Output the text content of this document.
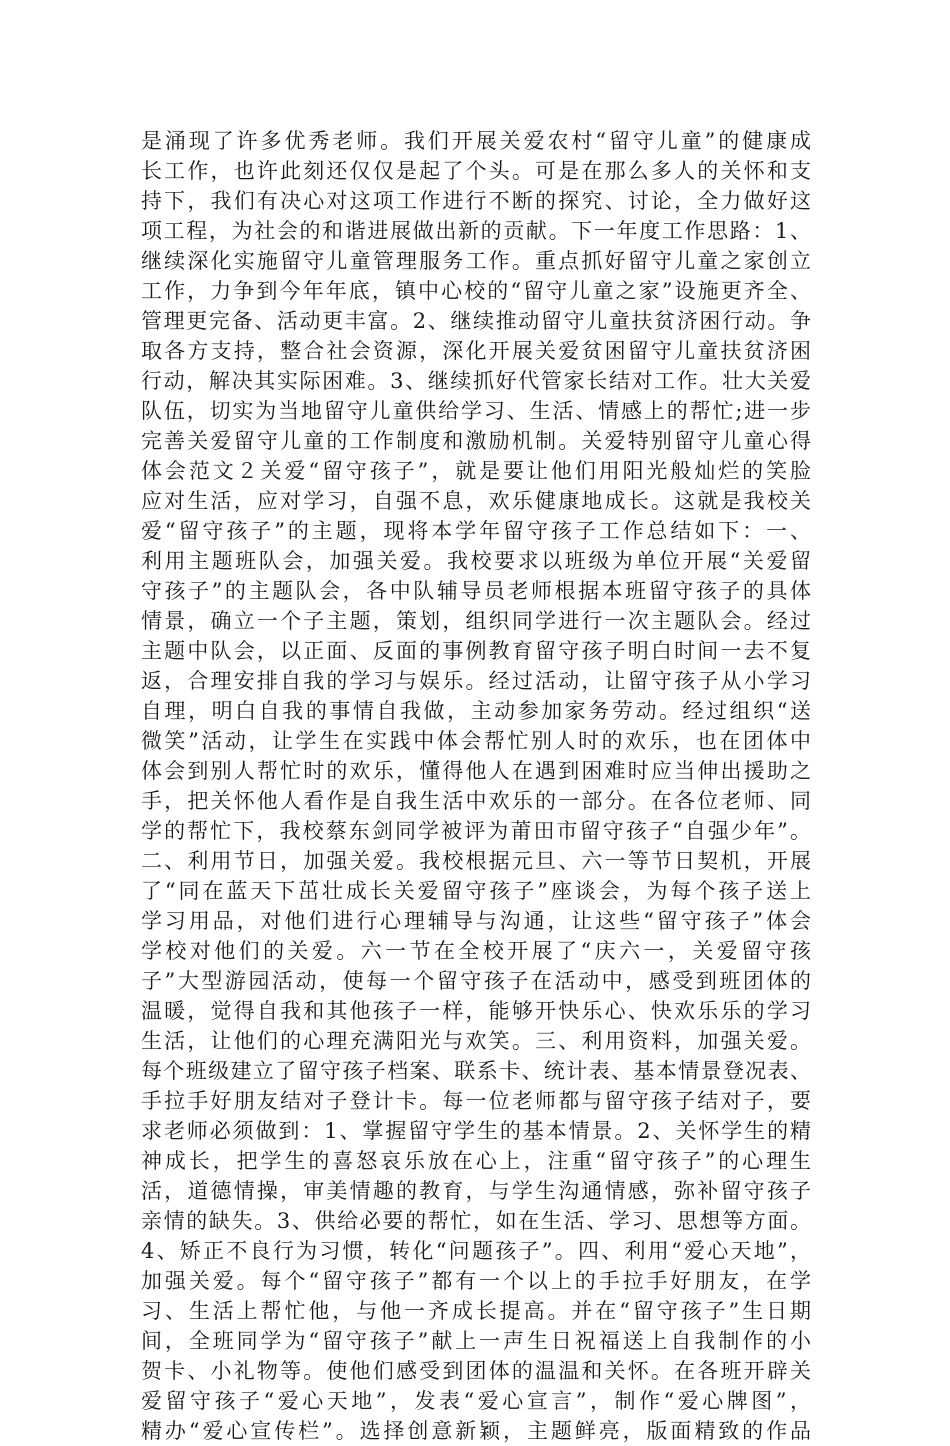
是涌现了许多优秀老师。我们开展关爱农村“留守儿童”的健康成
长工作，也许此刻还仅仅是起了个头。可是在那么多人的关怀和支
持下，我们有决心对这项工作进行不断的探究、讨论，全力做好这
项工程，为社会的和谐进展做出新的贡献。下一年度工作思路：1、
继续深化实施留守儿童管理服务工作。重点抓好留守儿童之家创立
工作，力争到今年年底，镇中心校的“留守儿童之家”设施更齐全、
管理更完备、活动更丰富。2、继续推动留守儿童扶贫济困行动。争
取各方支持，整合社会资源，深化开展关爱贫困留守儿童扶贫济困
行动，解决其实际困难。3、继续抓好代管家长结对工作。壮大关爱
队伍，切实为当地留守儿童供给学习、生活、情感上的帮忙;进一步
完善关爱留守儿童的工作制度和激励机制。关爱特别留守儿童心得
体会范文２关爱“留守孩子”，就是要让他们用阳光般灿烂的笑脸
应对生活，应对学习，自强不息，欢乐健康地成长。这就是我校关
爱“留守孩子”的主题，现将本学年留守孩子工作总结如下：一、
利用主题班队会，加强关爱。我校要求以班级为单位开展“关爱留
守孩子”的主题队会，各中队辅导员老师根据本班留守孩子的具体
情景，确立一个子主题，策划，组织同学进行一次主题队会。经过
主题中队会，以正面、反面的事例教育留守孩子明白时间一去不复
返，合理安排自我的学习与娱乐。经过活动，让留守孩子从小学习
自理，明白自我的事情自我做，主动参加家务劳动。经过组织“送
微笑”活动，让学生在实践中体会帮忙别人时的欢乐，也在团体中
体会到别人帮忙时的欢乐，懂得他人在遇到困难时应当伸出援助之
手，把关怀他人看作是自我生活中欢乐的一部分。在各位老师、同
学的帮忙下，我校蔡东剑同学被评为莆田市留守孩子“自强少年”。
二、利用节日，加强关爱。我校根据元旦、六一等节日契机，开展
了“同在蓝天下茁壮成长关爱留守孩子”座谈会，为每个孩子送上
学习用品，对他们进行心理辅导与沟通，让这些“留守孩子”体会
学校对他们的关爱。六一节在全校开展了“庆六一，关爱留守孩
子”大型游园活动，使每一个留守孩子在活动中，感受到班团体的
温暖，觉得自我和其他孩子一样，能够开快乐心、快欢乐乐的学习
生活，让他们的心理充满阳光与欢笑。三、利用资料，加强关爱。
每个班级建立了留守孩子档案、联系卡、统计表、基本情景登况表、
手拉手好朋友结对子登计卡。每一位老师都与留守孩子结对子，要
求老师必须做到：1、掌握留守学生的基本情景。2、关怀学生的精
神成长，把学生的喜怒哀乐放在心上，注重“留守孩子”的心理生
活，道德情操，审美情趣的教育，与学生沟通情感，弥补留守孩子
亲情的缺失。3、供给必要的帮忙，如在生活、学习、思想等方面。
4、矫正不良行为习惯，转化“问题孩子”。四、利用“爱心天地”，
加强关爱。每个“留守孩子”都有一个以上的手拉手好朋友，在学
习、生活上帮忙他，与他一齐成长提高。并在“留守孩子”生日期
间，全班同学为“留守孩子”献上一声生日祝福送上自我制作的小
贺卡、小礼物等。使他们感受到团体的温温和关怀。在各班开辟关
爱留守孩子“爱心天地”，发表“爱心宣言”，制作“爱心牌图”，
精办“爱心宣传栏”。选择创意新颖，主题鲜亮，版面精致的作品
